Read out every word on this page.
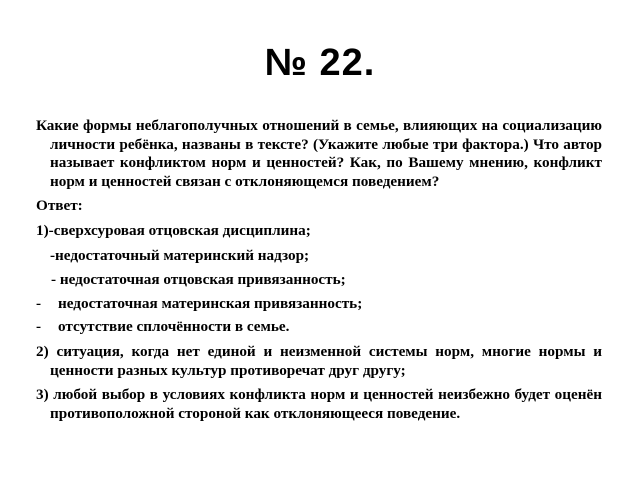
№ 22.

Какие формы неблагополучных отношений в семье, влияющих на социализацию личности ребёнка, названы в тексте? (Укажите любые три фактора.) Что автор называет конфликтом норм и ценностей? Как, по Вашему мнению, конфликт норм и ценностей связан с отклоняющемся поведением?

Ответ:
1)-сверхсуровая отцовская дисциплина;
-недостаточный материнский надзор;
- недостаточная отцовская привязанность;
- недостаточная материнская привязанность;
- отсутствие сплочённости в семье.
2) ситуация, когда нет единой и неизменной системы норм, многие нормы и ценности разных культур противоречат друг другу;
3) любой выбор в условиях конфликта норм и ценностей неизбежно будет оценён противоположной стороной как отклоняющееся поведение.
